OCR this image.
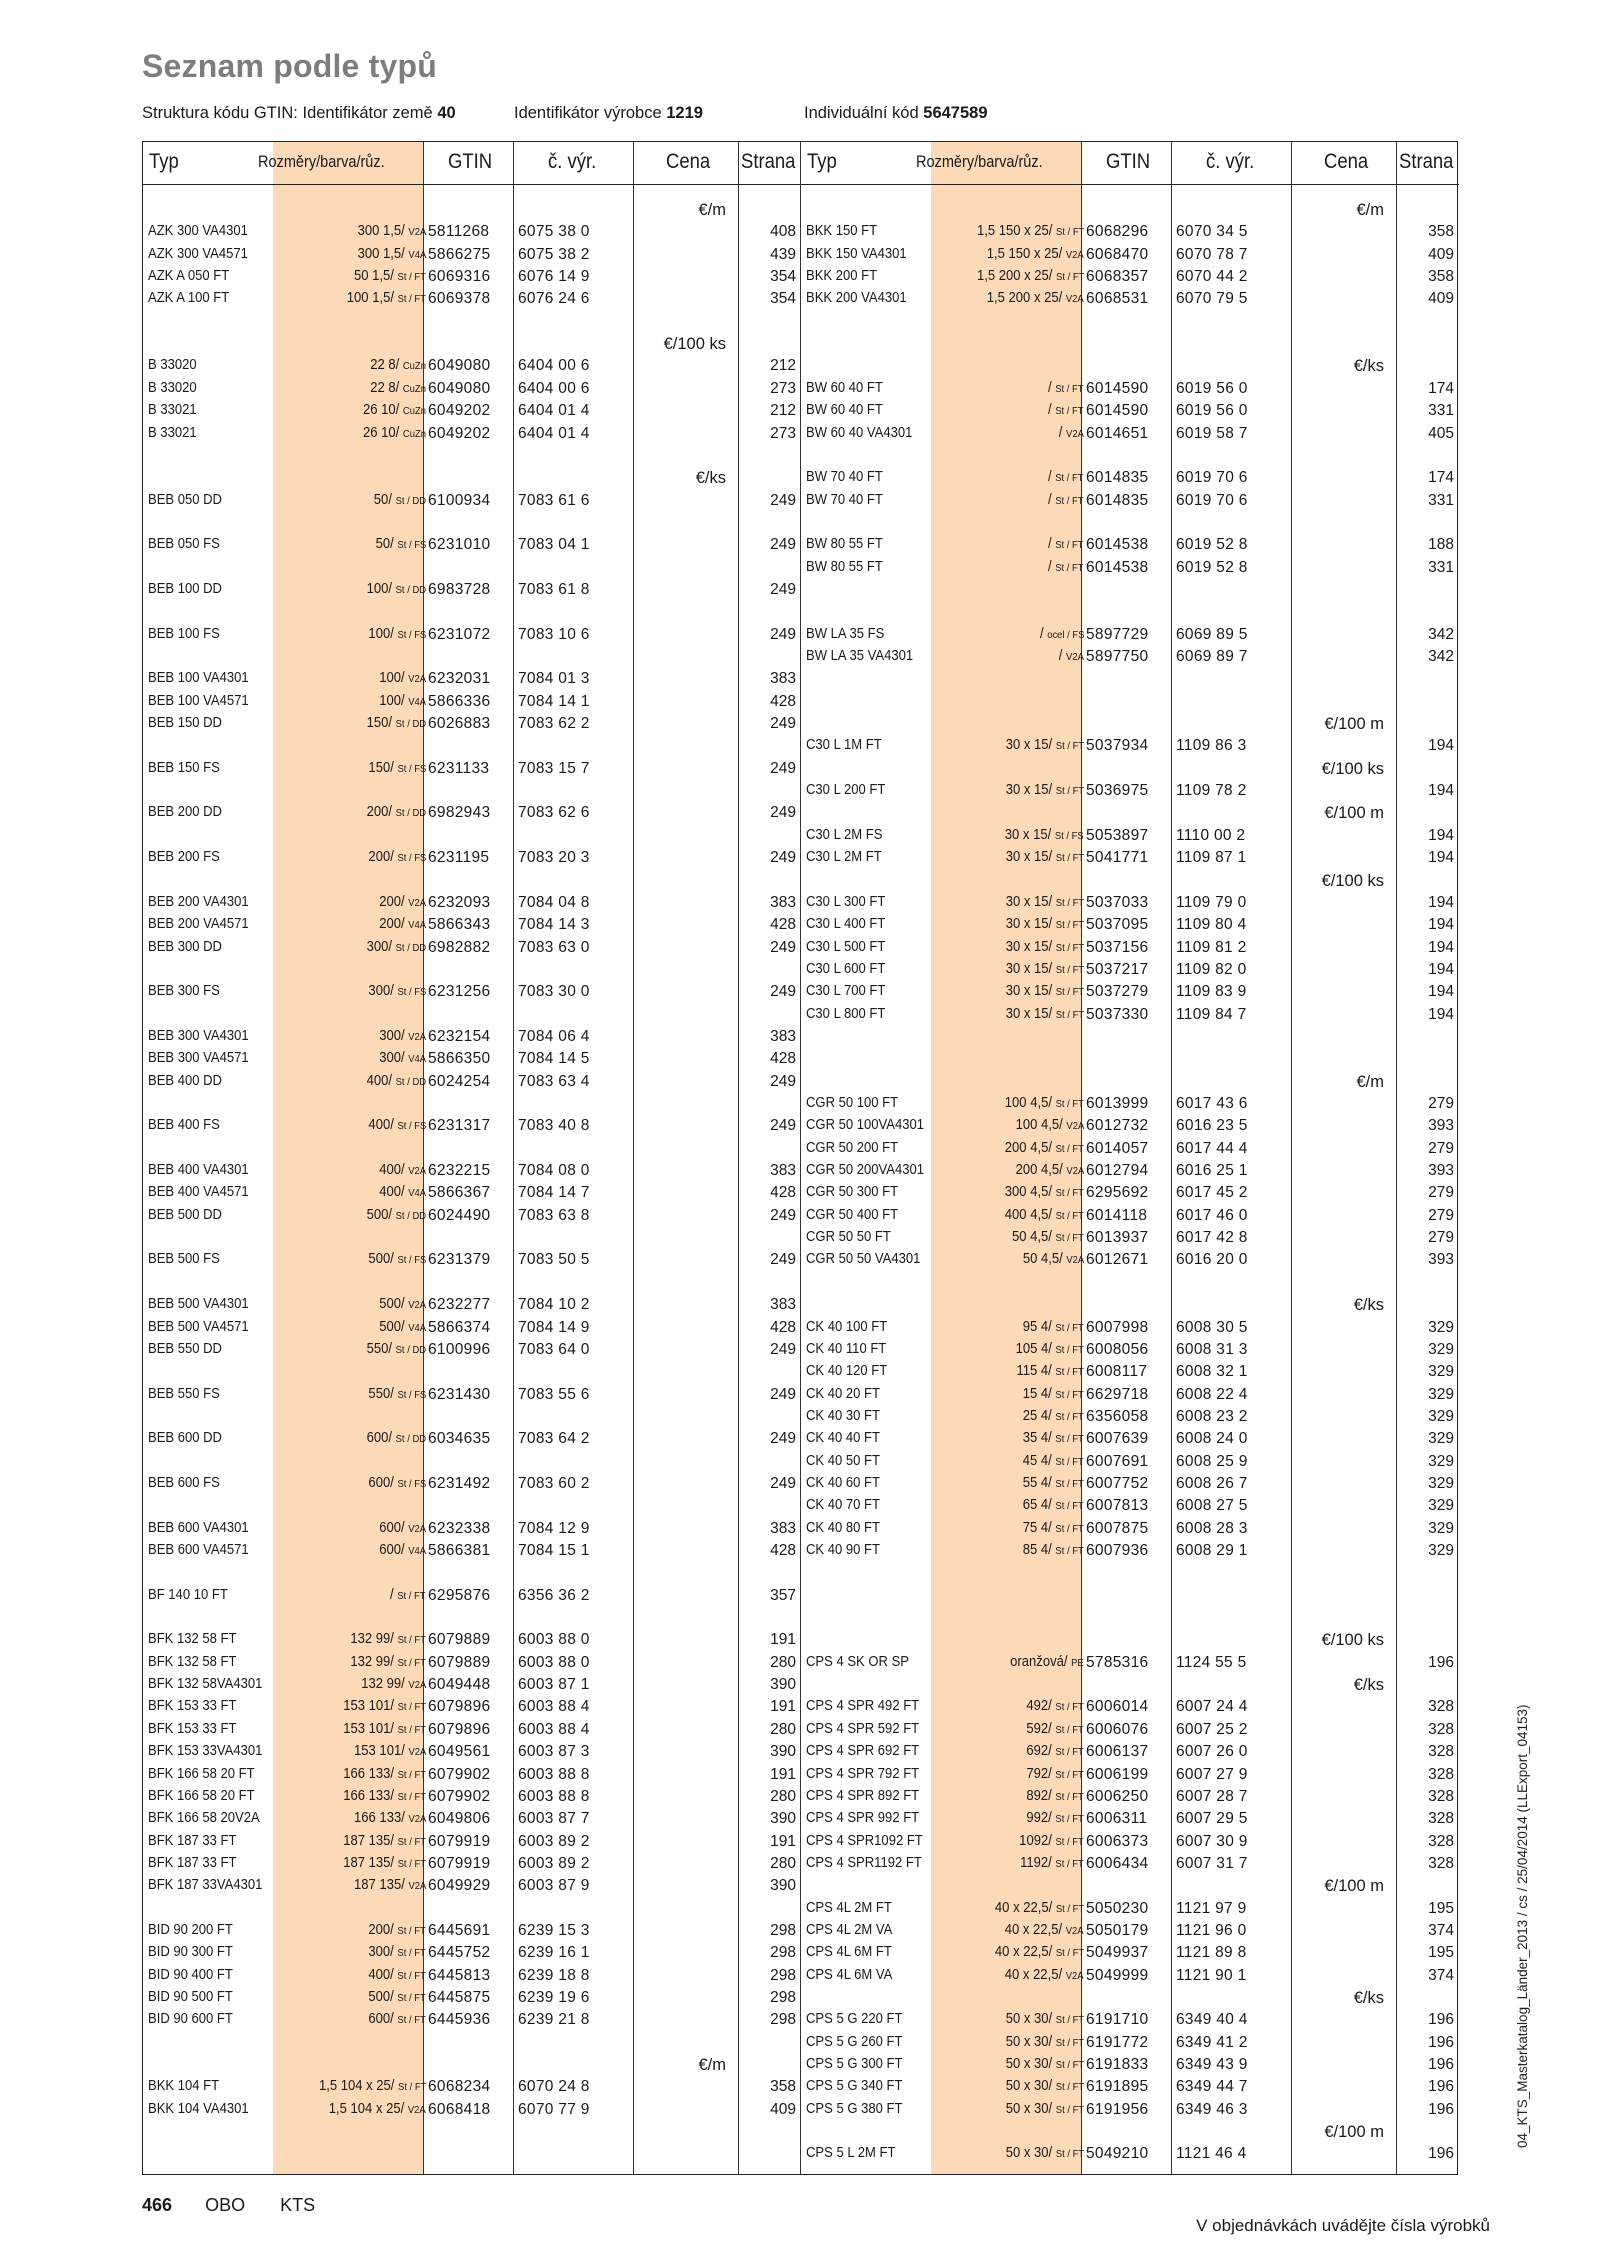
Seznam podle typů
Struktura kódu GTIN: Identifikátor země 40	Identifikátor výrobce 1219	Individuální kód 5647589
Typ	Rozměry/barva/růz.	GTIN	č. výr.	Cena Strana
€/m
AZK 300 VA4301	300 1,5/ V2A 5811268 6075 38 0	408
AZK 300 VA4571	300 1,5/ V4A 5866275 6075 38 2	439
AZK A 050 FT	50 1,5/ St / FT 6069316 6076 14 9	354
AZK A 100 FT	100 1,5/ St / FT 6069378 6076 24 6	354
€/100 ks
B 33020	22 8/ CuZn 6049080 6404 00 6	212
B 33020	22 8/ CuZn 6049080 6404 00 6	273
B 33021	26 10/ CuZn 6049202 6404 01 4	212
B 33021	26 10/ CuZn 6049202 6404 01 4	273
€/ks
BEB 050 DD	50/ St / DD 6100934 7083 61 6	249
BEB 050 FS	50/ St / FS 6231010 7083 04 1	249
BEB 100 DD	100/ St / DD 6983728 7083 61 8	249
BEB 100 FS	100/ St / FS 6231072 7083 10 6	249
BEB 100 VA4301	100/ V2A 6232031 7084 01 3	383
BEB 100 VA4571	100/ V4A 5866336 7084 14 1	428
BEB 150 DD	150/ St / DD 6026883 7083 62 2	249
BEB 150 FS	150/ St / FS 6231133 7083 15 7	249
BEB 200 DD	200/ St / DD 6982943 7083 62 6	249
BEB 200 FS	200/ St / FS 6231195 7083 20 3	249
BEB 200 VA4301	200/ V2A 6232093 7084 04 8	383
BEB 200 VA4571	200/ V4A 5866343 7084 14 3	428
BEB 300 DD	300/ St / DD 6982882 7083 63 0	249
BEB 300 FS	300/ St / FS 6231256 7083 30 0	249
BEB 300 VA4301	300/ V2A 6232154 7084 06 4	383
BEB 300 VA4571	300/ V4A 5866350 7084 14 5	428
BEB 400 DD	400/ St / DD 6024254 7083 63 4	249
BEB 400 FS	400/ St / FS 6231317 7083 40 8	249
BEB 400 VA4301	400/ V2A 6232215 7084 08 0	383
BEB 400 VA4571	400/ V4A 5866367 7084 14 7	428
BEB 500 DD	500/ St / DD 6024490 7083 63 8	249
BEB 500 FS	500/ St / FS 6231379 7083 50 5	249
BEB 500 VA4301	500/ V2A 6232277 7084 10 2	383
BEB 500 VA4571	500/ V4A 5866374 7084 14 9	428
BEB 550 DD	550/ St / DD 6100996 7083 64 0	249
BEB 550 FS	550/ St / FS 6231430 7083 55 6	249
BEB 600 DD	600/ St / DD 6034635 7083 64 2	249
BEB 600 FS	600/ St / FS 6231492 7083 60 2	249
BEB 600 VA4301	600/ V2A 6232338 7084 12 9	383
BEB 600 VA4571	600/ V4A 5866381 7084 15 1	428
BF 140 10 FT	/ St / FT 6295876 6356 36 2	357
BFK 132 58 FT	132 99/ St / FT 6079889 6003 88 0	191
BFK 132 58 FT	132 99/ St / FT 6079889 6003 88 0	280
BFK 132 58VA4301	132 99/ V2A 6049448 6003 87 1	390
BFK 153 33 FT	153 101/ St / FT 6079896 6003 88 4	191
BFK 153 33 FT	153 101/ St / FT 6079896 6003 88 4	280
BFK 153 33VA4301	153 101/ V2A 6049561 6003 87 3	390
BFK 166 58 20 FT	166 133/ St / FT 6079902 6003 88 8	191
BFK 166 58 20 FT	166 133/ St / FT 6079902 6003 88 8	280
BFK 166 58 20V2A	166 133/ V2A 6049806 6003 87 7	390
BFK 187 33 FT	187 135/ St / FT 6079919 6003 89 2	191
BFK 187 33 FT	187 135/ St / FT 6079919 6003 89 2	280
BFK 187 33VA4301	187 135/ V2A 6049929 6003 87 9	390
BID 90 200 FT	200/ St / FT 6445691 6239 15 3	298
BID 90 300 FT	300/ St / FT 6445752 6239 16 1	298
BID 90 400 FT	400/ St / FT 6445813 6239 18 8	298
BID 90 500 FT	500/ St / FT 6445875 6239 19 6	298
BID 90 600 FT	600/ St / FT 6445936 6239 21 8	298
€/m
BKK 104 FT	1,5 104 x 25/ St / FT 6068234 6070 24 8	358
BKK 104 VA4301	1,5 104 x 25/ V2A 6068418 6070 77 9	409
Typ	Rozměry/barva/růz.	GTIN	č. výr.	Cena Strana
€/m
BKK 150 FT	1,5 150 x 25/ St / FT 6068296 6070 34 5	358
BKK 150 VA4301	1,5 150 x 25/ V2A 6068470 6070 78 7	409
BKK 200 FT	1,5 200 x 25/ St / FT 6068357 6070 44 2	358
BKK 200 VA4301	1,5 200 x 25/ V2A 6068531 6070 79 5	409
€/ks
BW 60 40 FT	/ St / FT 6014590 6019 56 0	174
BW 60 40 FT	/ St / FT 6014590 6019 56 0	331
BW 60 40 VA4301	/ V2A 6014651 6019 58 7	405
BW 70 40 FT	/ St / FT 6014835 6019 70 6	174
BW 70 40 FT	/ St / FT 6014835 6019 70 6	331
BW 80 55 FT	/ St / FT 6014538 6019 52 8	188
BW 80 55 FT	/ St / FT 6014538 6019 52 8	331
BW LA 35 FS	/ ocel / FS 5897729 6069 89 5	342
BW LA 35 VA4301	/ V2A 5897750 6069 89 7	342
€/100 m
C30 L 1M FT	30 x 15/ St / FT 5037934 1109 86 3	194
€/100 ks
C30 L 200 FT	30 x 15/ St / FT 5036975 1109 78 2	194
€/100 m
C30 L 2M FS	30 x 15/ St / FS 5053897 1110 00 2	194
C30 L 2M FT	30 x 15/ St / FT 5041771 1109 87 1	194
€/100 ks
C30 L 300 FT	30 x 15/ St / FT 5037033 1109 79 0	194
C30 L 400 FT	30 x 15/ St / FT 5037095 1109 80 4	194
C30 L 500 FT	30 x 15/ St / FT 5037156 1109 81 2	194
C30 L 600 FT	30 x 15/ St / FT 5037217 1109 82 0	194
C30 L 700 FT	30 x 15/ St / FT 5037279 1109 83 9	194
C30 L 800 FT	30 x 15/ St / FT 5037330 1109 84 7	194
€/m
CGR 50 100 FT	100 4,5/ St / FT 6013999 6017 43 6	279
CGR 50 100VA4301	100 4,5/ V2A 6012732 6016 23 5	393
CGR 50 200 FT	200 4,5/ St / FT 6014057 6017 44 4	279
CGR 50 200VA4301	200 4,5/ V2A 6012794 6016 25 1	393
CGR 50 300 FT	300 4,5/ St / FT 6295692 6017 45 2	279
CGR 50 400 FT	400 4,5/ St / FT 6014118 6017 46 0	279
CGR 50 50 FT	50 4,5/ St / FT 6013937 6017 42 8	279
CGR 50 50 VA4301	50 4,5/ V2A 6012671 6016 20 0	393
€/ks
CK 40 100 FT	95 4/ St / FT 6007998 6008 30 5	329
CK 40 110 FT	105 4/ St / FT 6008056 6008 31 3	329
CK 40 120 FT	115 4/ St / FT 6008117 6008 32 1	329
CK 40 20 FT	15 4/ St / FT 6629718 6008 22 4	329
CK 40 30 FT	25 4/ St / FT 6356058 6008 23 2	329
CK 40 40 FT	35 4/ St / FT 6007639 6008 24 0	329
CK 40 50 FT	45 4/ St / FT 6007691 6008 25 9	329
CK 40 60 FT	55 4/ St / FT 6007752 6008 26 7	329
CK 40 70 FT	65 4/ St / FT 6007813 6008 27 5	329
CK 40 80 FT	75 4/ St / FT 6007875 6008 28 3	329
CK 40 90 FT	85 4/ St / FT 6007936 6008 29 1	329
€/100 ks
CPS 4 SK OR SP	oranžová/ PE 5785316 1124 55 5	196
€/ks
CPS 4 SPR 492 FT	492/ St / FT 6006014 6007 24 4	328
CPS 4 SPR 592 FT	592/ St / FT 6006076 6007 25 2	328
CPS 4 SPR 692 FT	692/ St / FT 6006137 6007 26 0	328
CPS 4 SPR 792 FT	792/ St / FT 6006199 6007 27 9	328
CPS 4 SPR 892 FT	892/ St / FT 6006250 6007 28 7	328
CPS 4 SPR 992 FT	992/ St / FT 6006311 6007 29 5	328
CPS 4 SPR1092 FT	1092/ St / FT 6006373 6007 30 9	328
CPS 4 SPR1192 FT	1192/ St / FT 6006434 6007 31 7	328
€/100 m
CPS 4L 2M FT	40 x 22,5/ St / FT 5050230 1121 97 9	195
CPS 4L 2M VA	40 x 22,5/ V2A 5050179 1121 96 0	374
CPS 4L 6M FT	40 x 22,5/ St / FT 5049937 1121 89 8	195
CPS 4L 6M VA	40 x 22,5/ V2A 5049999 1121 90 1	374
€/ks
CPS 5 G 220 FT	50 x 30/ St / FT 6191710 6349 40 4	196
CPS 5 G 260 FT	50 x 30/ St / FT 6191772 6349 41 2	196
CPS 5 G 300 FT	50 x 30/ St / FT 6191833 6349 43 9	196
CPS 5 G 340 FT	50 x 30/ St / FT 6191895 6349 44 7	196
CPS 5 G 380 FT	50 x 30/ St / FT 6191956 6349 46 3	196
€/100 m
CPS 5 L 2M FT	50 x 30/ St / FT 5049210 1121 46 4	196
466 OBO KTS
V objednávkách uvádějte čísla výrobků
04_KTS_Masterkatalog_Länder_2013 / cs / 25/04/2014 (LLExport_04153)
